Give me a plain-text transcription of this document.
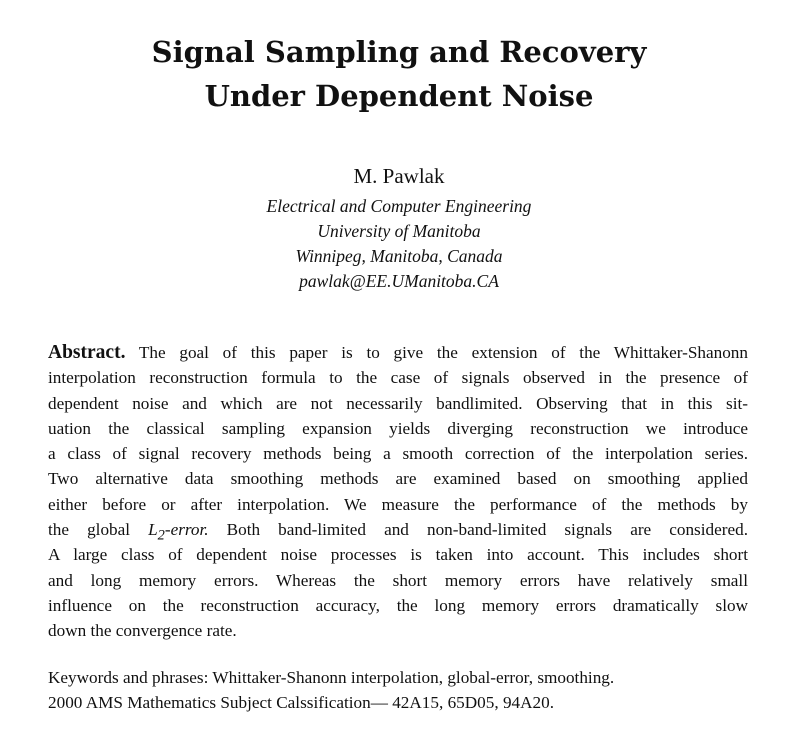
Signal Sampling and Recovery
Under Dependent Noise
M. Pawlak
Electrical and Computer Engineering
University of Manitoba
Winnipeg, Manitoba, Canada
pawlak@EE.UManitoba.CA
Abstract. The goal of this paper is to give the extension of the Whittaker-Shanonn
interpolation reconstruction formula to the case of signals observed in the presence of
dependent noise and which are not necessarily bandlimited. Observing that in this sit-
uation the classical sampling expansion yields diverging reconstruction we introduce
a class of signal recovery methods being a smooth correction of the interpolation series.
Two alternative data smoothing methods are examined based on smoothing applied
either before or after interpolation. We measure the performance of the methods by
the global $L_2$-error. Both band-limited and non-band-limited signals are considered.
A large class of dependent noise processes is taken into account. This includes short
and long memory errors. Whereas the short memory errors have relatively small
influence on the reconstruction accuracy, the long memory errors dramatically slow
down the convergence rate.
Keywords and phrases: Whittaker-Shanonn interpolation, global-error, smoothing.
2000 AMS Mathematics Subject Calssification— 42A15, 65D05, 94A20.
